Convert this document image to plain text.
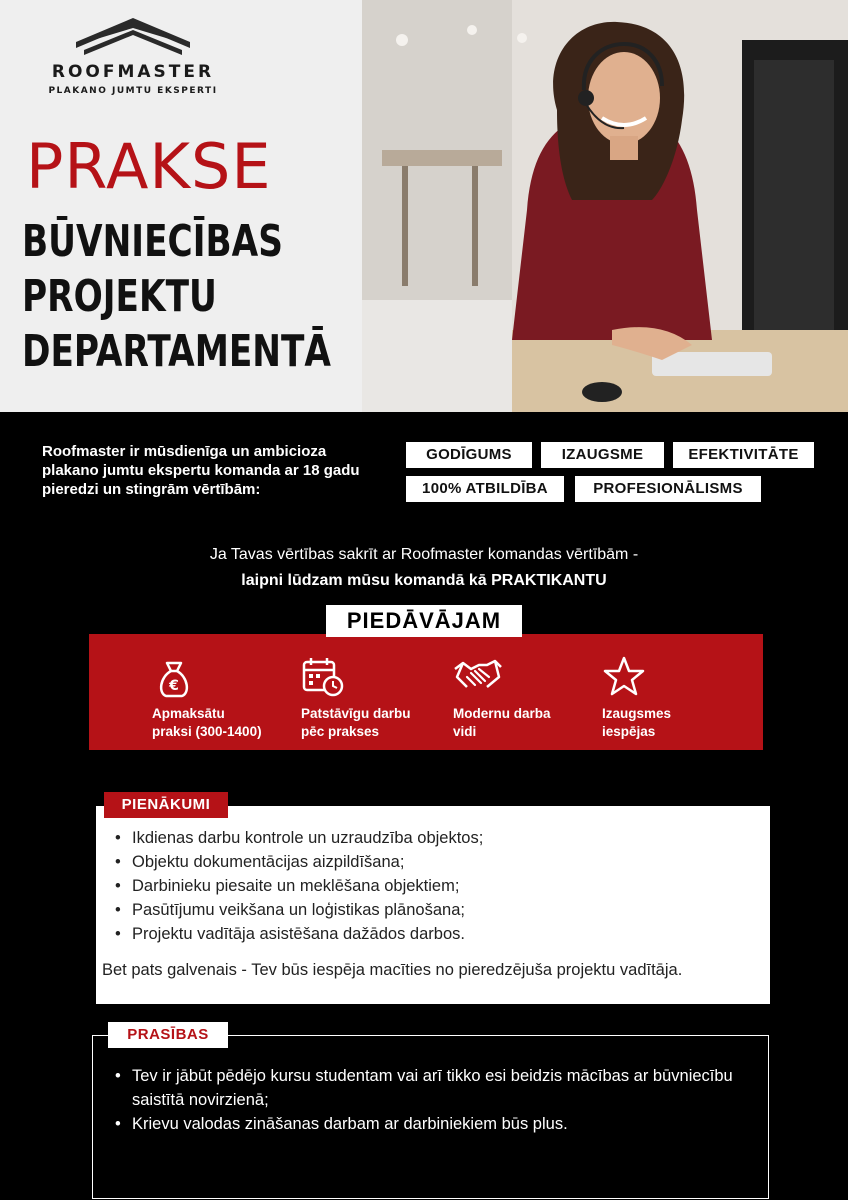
ROOFMASTER
PLAKANO JUMTU EKSPERTI
PRAKSE
BŪVNIECĪBAS
PROJEKTU
DEPARTAMENTĀ
Roofmaster ir mūsdienīga un ambicioza plakano jumtu ekspertu komanda ar 18 gadu pieredzi un stingrām vērtībām:
GODĪGUMS	IZAUGSME	EFEKTIVITĀTE
100% ATBILDĪBA	PROFESIONĀLISMS
Ja Tavas vērtības sakrīt ar Roofmaster komandas vērtībām -
laipni lūdzam mūsu komandā kā PRAKTIKANTU
PIEDĀVĀJAM
€
Apmaksātu
praksi (300-1400)
Patstāvīgu darbu
pēc prakses
Modernu darba
vidi
Izaugsmes
iespējas
PIENĀKUMI
• Ikdienas darbu kontrole un uzraudzība objektos;
• Objektu dokumentācijas aizpildīšana;
• Darbinieku piesaite un meklēšana objektiem;
• Pasūtījumu veikšana un loģistikas plānošana;
• Projektu vadītāja asistēšana dažādos darbos.
Bet pats galvenais - Tev būs iespēja macīties no pieredzējuša projektu vadītāja.
PRASĪBAS
• Tev ir jābūt pēdējo kursu studentam vai arī tikko esi beidzis mācības ar būvniecību saistītā novirzienā;
• Krievu valodas zināšanas darbam ar darbiniekiem būs plus.
